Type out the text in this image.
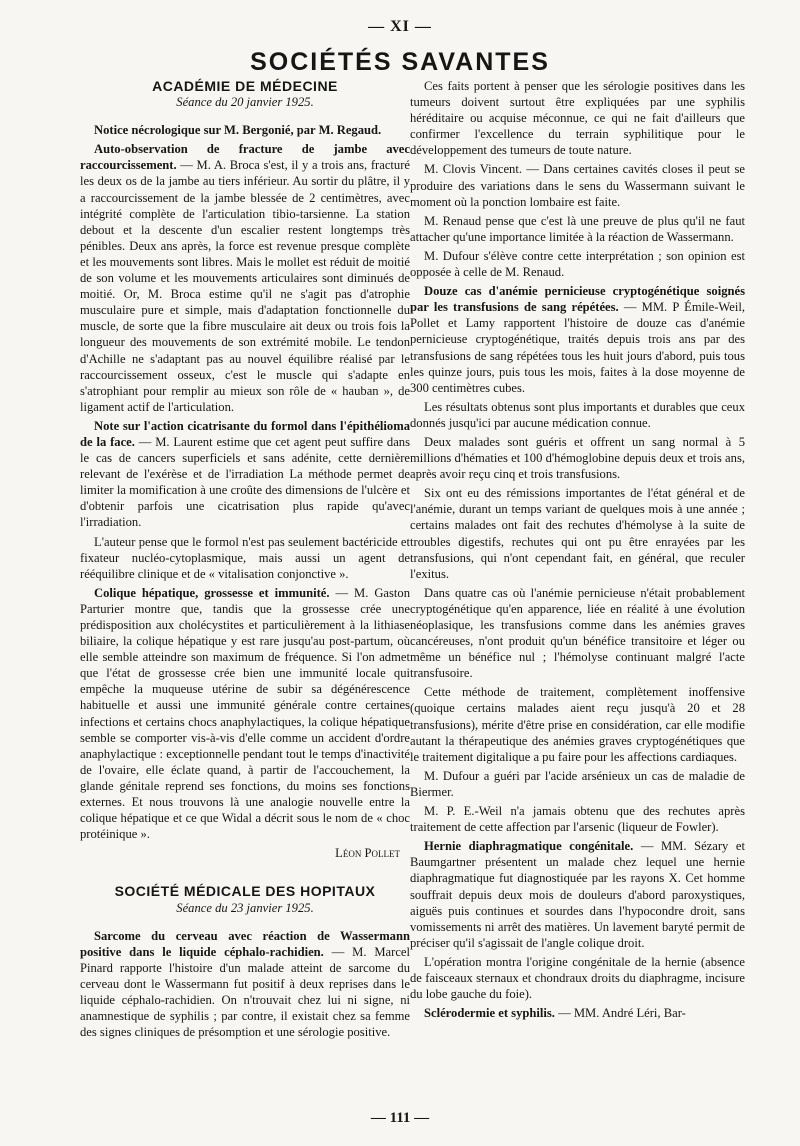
— XI —
SOCIÉTÉS SAVANTES
ACADÉMIE DE MÉDECINE
Séance du 20 janvier 1925.

Notice nécrologique sur M. Bergonié, par M. Regaud.

Auto-observation de fracture de jambe avec raccourcissement. — M. A. Broca s'est, il y a trois ans, fracturé les deux os de la jambe au tiers inférieur. Au sortir du plâtre, il y a raccourcissement de la jambe blessée de 2 centimètres, avec intégrité complète de l'articulation tibio-tarsienne. La station debout et la descente d'un escalier restent longtemps très pénibles. Deux ans après, la force est revenue presque complète et les mouvements sont libres. Mais le mollet est réduit de moitié de son volume et les mouvements articulaires sont diminués de moitié. Or, M. Broca estime qu'il ne s'agit pas d'atrophie musculaire pure et simple, mais d'adaptation fonctionnelle du muscle, de sorte que la fibre musculaire ait deux ou trois fois la longueur des mouvements de son extrémité mobile. Le tendon d'Achille ne s'adaptant pas au nouvel équilibre réalisé par le raccourcissement osseux, c'est le muscle qui s'adapte en s'atrophiant pour remplir au mieux son rôle de « hauban », de ligament actif de l'articulation.

Note sur l'action cicatrisante du formol dans l'épithélioma de la face. — M. Laurent estime que cet agent peut suffire dans le cas de cancers superficiels et sans adénite, cette dernière relevant de l'exérèse et de l'irradiation La méthode permet de limiter la momification à une croûte des dimensions de l'ulcère et d'obtenir parfois une cicatrisation plus rapide qu'avec l'irradiation.

L'auteur pense que le formol n'est pas seulement bactéricide et fixateur nucléo-cytoplasmique, mais aussi un agent de rééquilibre clinique et de « vitalisation conjonctive ».

Colique hépatique, grossesse et immunité. — M. Gaston Parturier montre que, tandis que la grossesse crée une prédisposition aux cholécystites et particulièrement à la lithiase biliaire, la colique hépatique y est rare jusqu'au post-partum, où elle semble atteindre son maximum de fréquence. Si l'on admet que l'état de grossesse crée bien une immunité locale qui empêche la muqueuse utérine de subir sa dégénérescence habituelle et aussi une immunité générale contre certaines infections et certains chocs anaphylactiques, la colique hépatique semble se comporter vis-à-vis d'elle comme un accident d'ordre anaphylactique : exceptionnelle pendant tout le temps d'inactivité de l'ovaire, elle éclate quand, à partir de l'accouchement, la glande génitale reprend ses fonctions, du moins ses fonctions externes. Et nous trouvons là une analogie nouvelle entre la colique hépatique et ce que Widal a décrit sous le nom de « choc protéinique ».

Léon Pollet

SOCIÉTÉ MÉDICALE DES HOPITAUX
Séance du 23 janvier 1925.

Sarcome du cerveau avec réaction de Wassermann positive dans le liquide céphalo-rachidien. — M. Marcel Pinard rapporte l'histoire d'un malade atteint de sarcome du cerveau dont le Wassermann fut positif à deux reprises dans le liquide céphalo-rachidien. On n'trouvait chez lui ni signe, ni anamnestique de syphilis ; par contre, il existait chez sa femme des signes cliniques de présomption et une sérologie positive.

Ces faits portent à penser que les sérologie positives dans les tumeurs doivent surtout être expliquées par une syphilis héréditaire ou acquise méconnue, ce qui ne fait d'ailleurs que confirmer l'excellence du terrain syphilitique pour le développement des tumeurs de toute nature.

M. Clovis Vincent. — Dans certaines cavités closes il peut se produire des variations dans le sens du Wassermann suivant le moment où la ponction lombaire est faite.

M. Renaud pense que c'est là une preuve de plus qu'il ne faut attacher qu'une importance limitée à la réaction de Wassermann.

M. Dufour s'élève contre cette interprétation ; son opinion est opposée à celle de M. Renaud.

Douze cas d'anémie pernicieuse cryptogénétique soignés par les transfusions de sang répétées. — MM. P Émile-Weil, Pollet et Lamy rapportent l'histoire de douze cas d'anémie pernicieuse cryptogénétique, traités depuis trois ans par des transfusions de sang répétées tous les huit jours d'abord, puis tous les quinze jours, puis tous les mois, faites à la dose moyenne de 300 centimètres cubes.

Les résultats obtenus sont plus importants et durables que ceux donnés jusqu'ici par aucune médication connue.

Deux malades sont guéris et offrent un sang normal à 5 millions d'hématies et 100 d'hémoglobine depuis deux et trois ans, après avoir reçu cinq et trois transfusions.

Six ont eu des rémissions importantes de l'état général et de l'anémie, durant un temps variant de quelques mois à une année ; certains malades ont fait des rechutes d'hémolyse à la suite de troubles digestifs, rechutes qui ont pu être enrayées par les transfusions, qui n'ont cependant fait, en général, que reculer l'exitus.

Dans quatre cas où l'anémie pernicieuse n'était probablement cryptogénétique qu'en apparence, liée en réalité à une évolution néoplasique, les transfusions comme dans les anémies graves cancéreuses, n'ont produit qu'un bénéfice transitoire et léger ou même un bénéfice nul ; l'hémolyse continuant malgré l'acte transfusoire.

Cette méthode de traitement, complètement inoffensive (quoique certains malades aient reçu jusqu'à 20 et 28 transfusions), mérite d'être prise en considération, car elle modifie autant la thérapeutique des anémies graves cryptogénétiques que le traitement digitalique a pu faire pour les affections cardiaques.

M. Dufour a guéri par l'acide arsénieux un cas de maladie de Biermer.

M. P. E.-Weil n'a jamais obtenu que des rechutes après traitement de cette affection par l'arsenic (liqueur de Fowler).

Hernie diaphragmatique congénitale. — MM. Sézary et Baumgartner présentent un malade chez lequel une hernie diaphragmatique fut diagnostiquée par les rayons X. Cet homme souffrait depuis deux mois de douleurs d'abord paroxystiques, aiguës puis continues et sourdes dans l'hypocondre droit, sans vomissements ni arrêt des matières. Un lavement baryté permit de préciser qu'il s'agissait de l'angle colique droit.

L'opération montra l'origine congénitale de la hernie (absence de faisceaux sternaux et chondraux droits du diaphragme, incisure du lobe gauche du foie).

Sclérodermie et syphilis. — MM. André Léri, Bar-

— 111 —
